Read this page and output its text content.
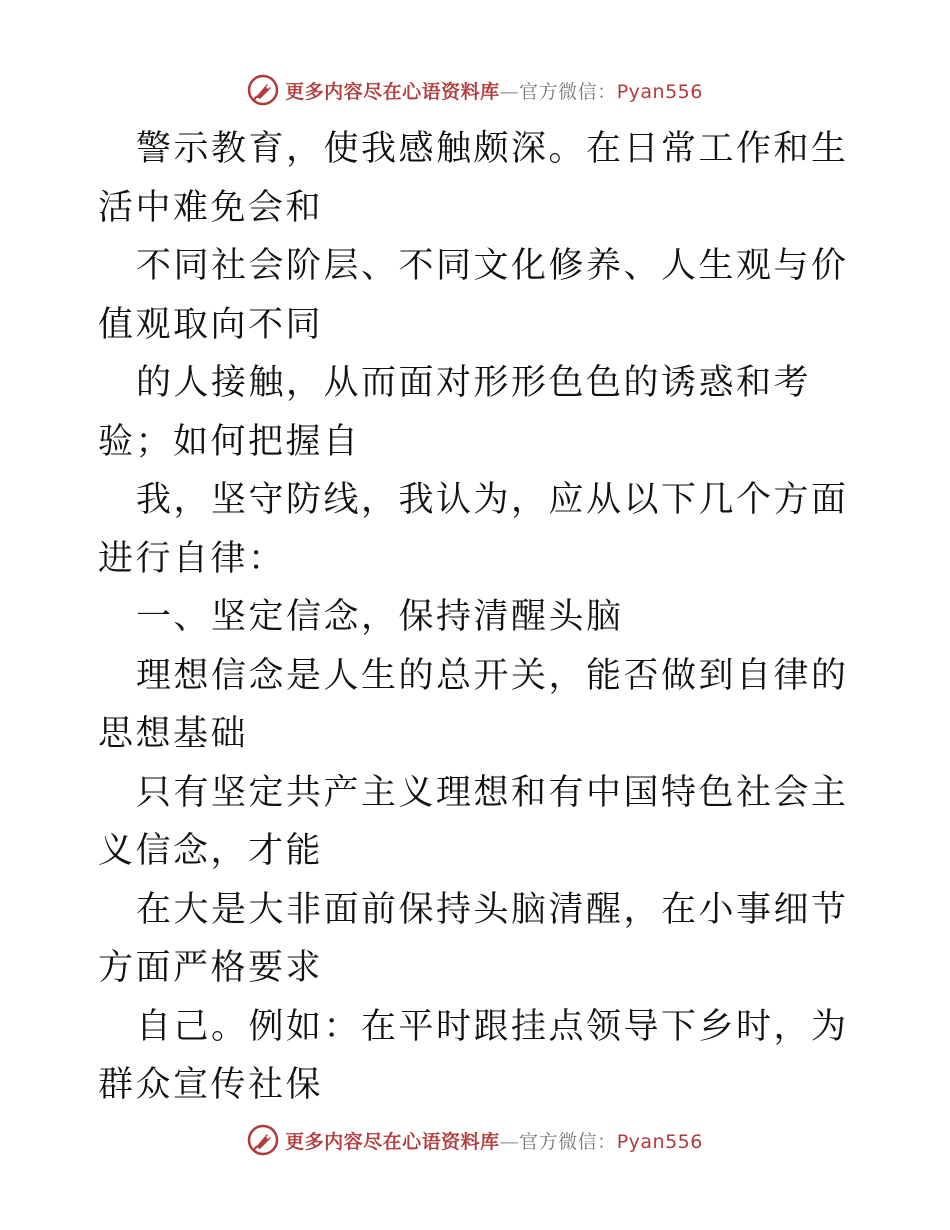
更多内容尽在心语资料库—官方微信：Pyan556

警示教育，使我感触颇深。在日常工作和生活中难免会和

不同社会阶层、不同文化修养、人生观与价值观取向不同

的人接触，从而面对形形色色的诱惑和考验；如何把握自

我，坚守防线，我认为，应从以下几个方面进行自律：

一、坚定信念，保持清醒头脑

理想信念是人生的总开关，能否做到自律的思想基础

只有坚定共产主义理想和有中国特色社会主义信念，才能

在大是大非面前保持头脑清醒，在小事细节方面严格要求

自己。例如：在平时跟挂点领导下乡时，为群众宣传社保

更多内容尽在心语资料库—官方微信：Pyan556
